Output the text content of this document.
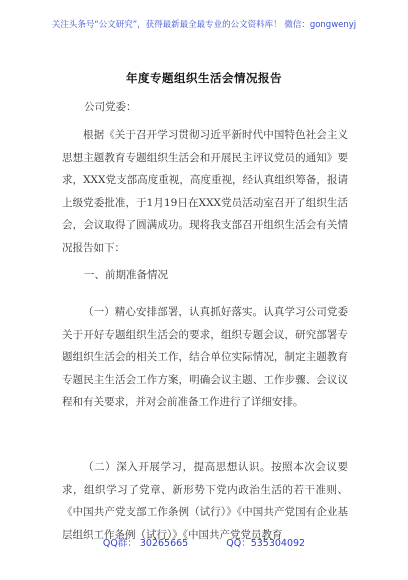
关注头条号“公文研究”，获得最新最全最专业的公文资料库！ 微信：gongwenyj
年度专题组织生活会情况报告
公司党委：

根据《关于召开学习贯彻习近平新时代中国特色社会主义思想主题教育专题组织生活会和开展民主评议党员的通知》要求，XXX党支部高度重视，高度重视，经认真组织筹备，报请上级党委批准，于1月19日在XXX党员活动室召开了组织生活会，会议取得了圆满成功。现将我支部召开组织生活会有关情况报告如下：

一、前期准备情况

（一）精心安排部署，认真抓好落实。认真学习公司党委关于开好专题组织生活会的要求，组织专题会议，研究部署专题组织生活会的相关工作，结合单位实际情况，制定主题教育专题民主生活会工作方案，明确会议主题、工作步骤、会议议程和有关要求，并对会前准备工作进行了详细安排。

（二）深入开展学习，提高思想认识。按照本次会议要求，组织学习了党章、新形势下党内政治生活的若干准则、《中国共产党支部工作条例（试行）》《中国共产党国有企业基层组织工作条例（试行）》《中国共产党党员教育

QQ群： 30265665	QQ：535304092
